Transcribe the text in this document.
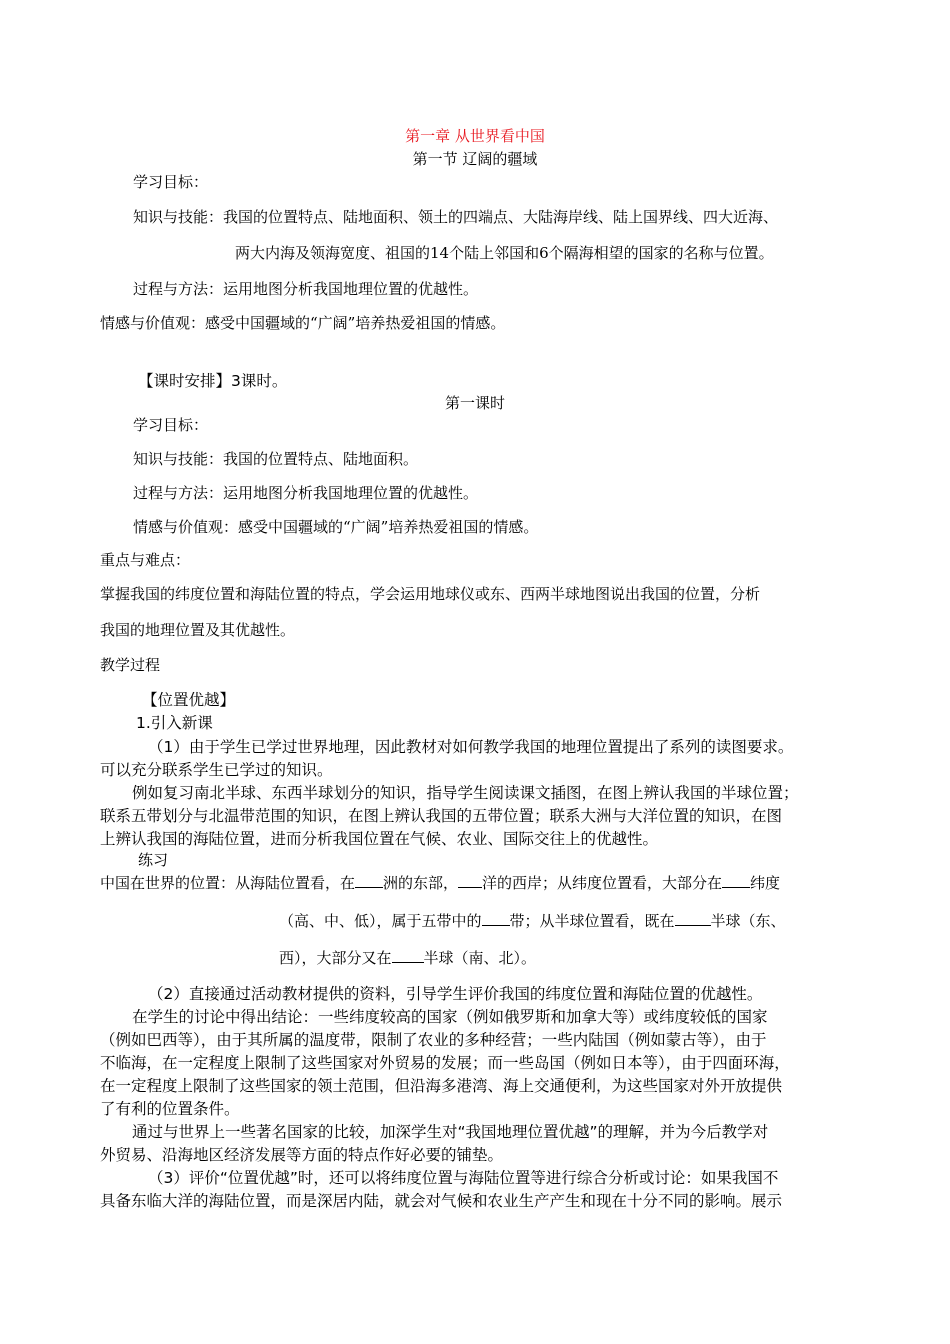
第一章 从世界看中国
第一节 辽阔的疆域
学习目标：
知识与技能：我国的位置特点、陆地面积、领土的四端点、大陆海岸线、陆上国界线、四大近海、
两大内海及领海宽度、祖国的14个陆上邻国和6个隔海相望的国家的名称与位置。
过程与方法：运用地图分析我国地理位置的优越性。
情感与价值观：感受中国疆域的“广阔”培养热爱祖国的情感。
【课时安排】3课时。
第一课时
学习目标：
知识与技能：我国的位置特点、陆地面积。
过程与方法：运用地图分析我国地理位置的优越性。
情感与价值观：感受中国疆域的“广阔”培养热爱祖国的情感。
重点与难点：
掌握我国的纬度位置和海陆位置的特点，学会运用地球仪或东、西两半球地图说出我国的位置，分析
我国的地理位置及其优越性。
教学过程
【位置优越】
1.引入新课
（1）由于学生已学过世界地理，因此教材对如何教学我国的地理位置提出了系列的读图要求。
可以充分联系学生已学过的知识。
例如复习南北半球、东西半球划分的知识，指导学生阅读课文插图，在图上辨认我国的半球位置；
联系五带划分与北温带范围的知识，在图上辨认我国的五带位置；联系大洲与大洋位置的知识，在图
上辨认我国的海陆位置，进而分析我国位置在气候、农业、国际交往上的优越性。
练习
中国在世界的位置：从海陆位置看，在 洲的东部， 洋的西岸；从纬度位置看，大部分在 纬度
（高、中、低），属于五带中的 带；从半球位置看，既在 半球（东、
西），大部分又在 半球（南、北）。
（2）直接通过活动教材提供的资料，引导学生评价我国的纬度位置和海陆位置的优越性。
在学生的讨论中得出结论：一些纬度较高的国家（例如俄罗斯和加拿大等）或纬度较低的国家
（例如巴西等），由于其所属的温度带，限制了农业的多种经营；一些内陆国（例如蒙古等），由于
不临海，在一定程度上限制了这些国家对外贸易的发展；而一些岛国（例如日本等），由于四面环海，
在一定程度上限制了这些国家的领土范围，但沿海多港湾、海上交通便利，为这些国家对外开放提供
了有利的位置条件。
通过与世界上一些著名国家的比较，加深学生对“我国地理位置优越”的理解，并为今后教学对
外贸易、沿海地区经济发展等方面的特点作好必要的铺垫。
（3）评价“位置优越”时，还可以将纬度位置与海陆位置等进行综合分析或讨论：如果我国不
具备东临大洋的海陆位置，而是深居内陆，就会对气候和农业生产产生和现在十分不同的影响。展示
